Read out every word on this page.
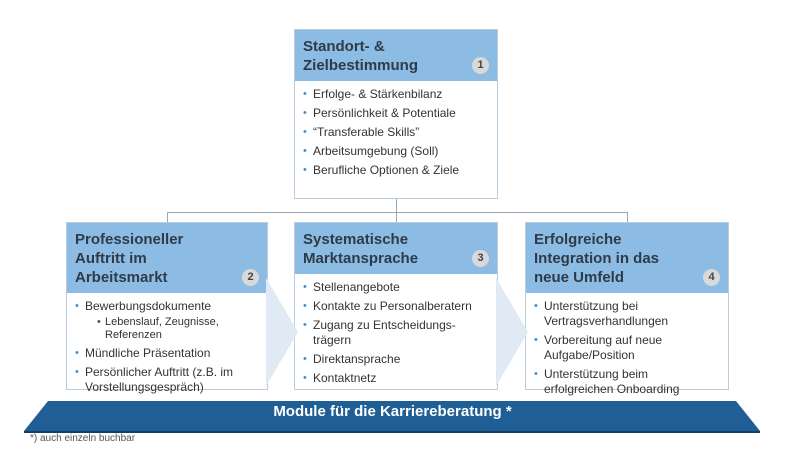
Standort- & Zielbestimmung	1
• Erfolge- & Stärkenbilanz
• Persönlichkeit & Potentiale
• “Transferable Skills”
• Arbeitsumgebung (Soll)
• Berufliche Optionen & Ziele
Professioneller Auftritt im Arbeitsmarkt	2
• Bewerbungsdokumente
• Lebenslauf, Zeugnisse, Referenzen
• Mündliche Präsentation
• Persönlicher Auftritt (z.B. im Vorstellungsgespräch)
Systematische Marktansprache	3
• Stellenangebote
• Kontakte zu Personalberatern
• Zugang zu Entscheidungs-trägern
• Direktansprache
• Kontaktnetz
Erfolgreiche Integration in das neue Umfeld	4
• Unterstützung bei Vertragsverhandlungen
• Vorbereitung auf neue Aufgabe/Position
• Unterstützung beim erfolgreichen Onboarding
Module für die Karriereberatung *
*) auch einzeln buchbar
